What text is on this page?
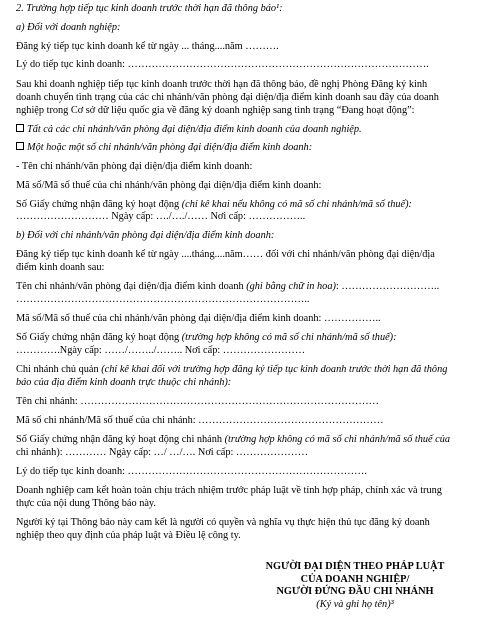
2. Trường hợp tiếp tục kinh doanh trước thời hạn đã thông báo¹:
a) Đối với doanh nghiệp:
Đăng ký tiếp tục kinh doanh kể từ ngày ... tháng....năm ……….
Lý do tiếp tục kinh doanh: …………………………………………………………………………….
Sau khi doanh nghiệp tiếp tục kinh doanh trước thời hạn đã thông báo, đề nghị Phòng Đăng ký kinh
doanh chuyển tình trạng của các chi nhánh/văn phòng đại diện/địa điểm kinh doanh sau đây của doanh
nghiệp trong Cơ sở dữ liệu quốc gia về đăng ký doanh nghiệp sang tình trạng “Đang hoạt động”:
Tất cả các chi nhánh/văn phòng đại diện/địa điểm kinh doanh của doanh nghiệp.
Một hoặc một số chi nhánh/văn phòng đại diện/địa điểm kinh doanh:
- Tên chi nhánh/văn phòng đại diện/địa điểm kinh doanh:
Mã số/Mã số thuế của chi nhánh/văn phòng đại diện/địa điểm kinh doanh:
Số Giấy chứng nhận đăng ký hoạt động (chỉ kê khai nếu không có mã số chi nhánh/mã số thuế):
……………………… Ngày cấp: …./…./…… Nơi cấp: ……………..
b) Đối với chi nhánh/văn phòng đại diện/địa điểm kinh doanh:
Đăng ký tiếp tục kinh doanh kể từ ngày ....tháng....năm…… đối với chi nhánh/văn phòng đại diện/địa
điểm kinh doanh sau:
Tên chi nhánh/văn phòng đại diện/địa điểm kinh doanh (ghi bằng chữ in hoa): ………………………..
…………………………………………………………………………..
Mã số/Mã số thuế của chi nhánh/văn phòng đại diện/địa điểm kinh doanh: ……………..
Số Giấy chứng nhận đăng ký hoạt động (trường hợp không có mã số chi nhánh/mã số thuế):
………….Ngày cấp: ……/……../…….. Nơi cấp: ……………………
Chi nhánh chủ quản (chỉ kê khai đối với trường hợp đăng ký tiếp tục kinh doanh trước thời hạn đã thông
báo của địa điểm kinh doanh trực thuộc chi nhánh):
Tên chi nhánh: ……………………………………………………………………………
Mã số chi nhánh/Mã số thuế của chi nhánh: ………………………………………………
Số Giấy chứng nhận đăng ký hoạt động chi nhánh (trường hợp không có mã số chi nhánh/mã số thuế của
chi nhánh): ………… Ngày cấp: …/ …/…. Nơi cấp: …………………
Lý do tiếp tục kinh doanh: …………………………………………………………….
Doanh nghiệp cam kết hoàn toàn chịu trách nhiệm trước pháp luật về tính hợp pháp, chính xác và trung
thực của nội dung Thông báo này.
Người ký tại Thông báo này cam kết là người có quyền và nghĩa vụ thực hiện thủ tục đăng ký doanh
nghiệp theo quy định của pháp luật và Điều lệ công ty.
NGƯỜI ĐẠI DIỆN THEO PHÁP LUẬT
CỦA DOANH NGHIỆP/
NGƯỜI ĐỨNG ĐẦU CHI NHÁNH
(Ký và ghi họ tên)³
